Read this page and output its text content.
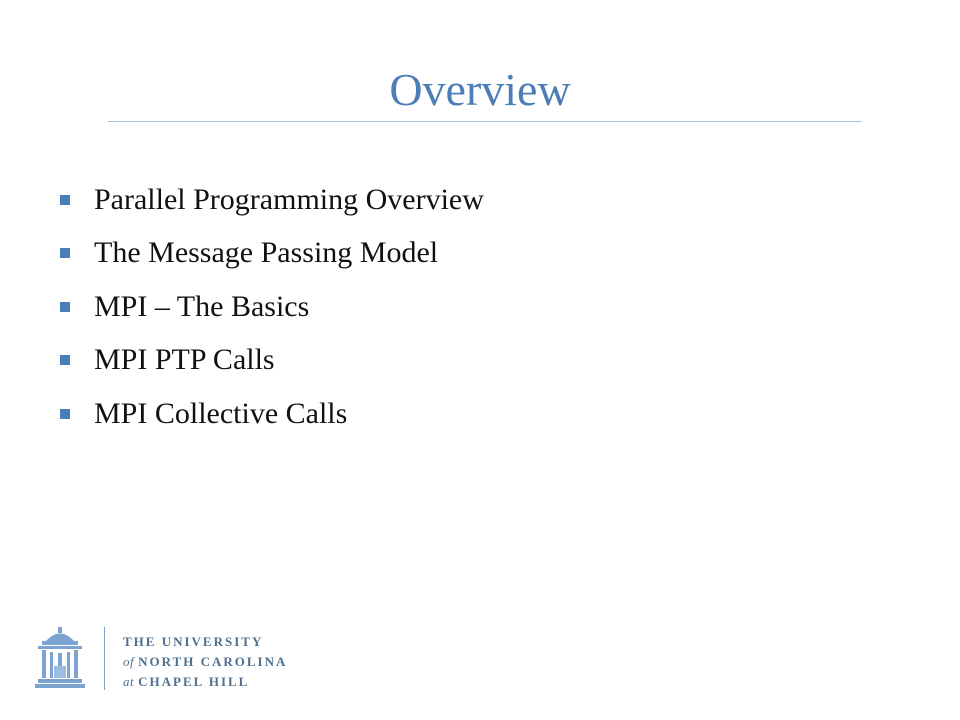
Overview
Parallel Programming Overview
The Message Passing Model
MPI – The Basics
MPI PTP Calls
MPI Collective Calls
THE UNIVERSITY
of NORTH CAROLINA
at CHAPEL HILL
